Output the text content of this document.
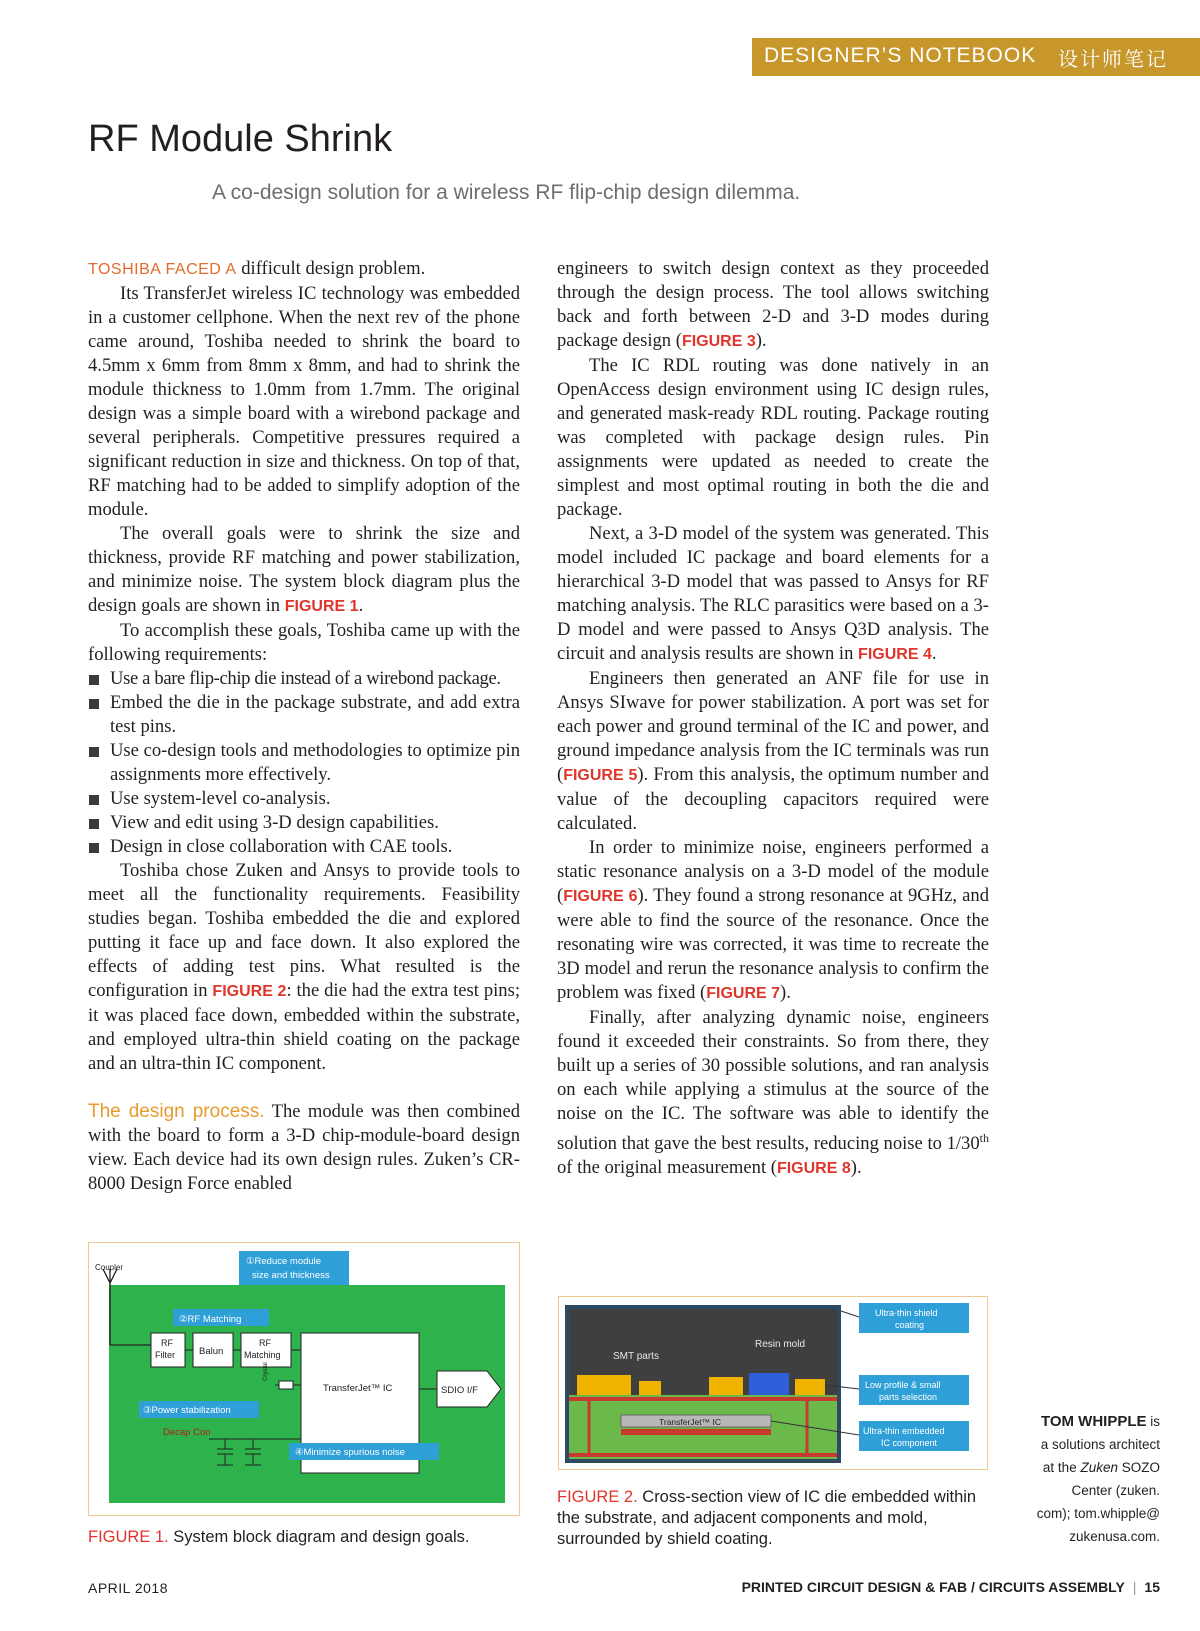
DESIGNER’S NOTEBOOK 设计师笔记
RF Module Shrink
A co-design solution for a wireless RF flip-chip design dilemma.

TOSHIBA FACED A difficult design problem.

Its TransferJet wireless IC technology was embedded in a customer cellphone. When the next rev of the phone came around, Toshiba needed to shrink the board to 4.5mm x 6mm from 8mm x 8mm, and had to shrink the module thickness to 1.0mm from 1.7mm. The original design was a simple board with a wirebond package and several peripherals. Competitive pressures required a significant reduction in size and thickness. On top of that, RF matching had to be added to simplify adoption of the module.

The overall goals were to shrink the size and thickness, provide RF matching and power stabilization, and minimize noise. The system block diagram plus the design goals are shown in FIGURE 1.

To accomplish these goals, Toshiba came up with the following requirements:

Use a bare flip-chip die instead of a wirebond package.
Embed the die in the package substrate, and add extra test pins.
Use co-design tools and methodologies to optimize pin assignments more effectively.
Use system-level co-analysis.
View and edit using 3-D design capabilities.
Design in close collaboration with CAE tools.

Toshiba chose Zuken and Ansys to provide tools to meet all the functionality requirements. Feasibility studies began. Toshiba embedded the die and explored putting it face up and face down. It also explored the effects of adding test pins. What resulted is the configuration in FIGURE 2: the die had the extra test pins; it was placed face down, embedded within the substrate, and employed ultra-thin shield coating on the package and an ultra-thin IC component.

The design process. The module was then combined with the board to form a 3-D chip-module-board design view. Each device had its own design rules. Zuken’s CR-8000 Design Force enabled

engineers to switch design context as they proceeded through the design process. The tool allows switching back and forth between 2-D and 3-D modes during package design (FIGURE 3).

The IC RDL routing was done natively in an OpenAccess design environment using IC design rules, and generated mask-ready RDL routing. Package routing was completed with package design rules. Pin assignments were updated as needed to create the simplest and most optimal routing in both the die and package.

Next, a 3-D model of the system was generated. This model included IC package and board elements for a hierarchical 3-D model that was passed to Ansys for RF matching analysis. The RLC parasitics were based on a 3-D model and were passed to Ansys Q3D analysis. The circuit and analysis results are shown in FIGURE 4.

Engineers then generated an ANF file for use in Ansys SIwave for power stabilization. A port was set for each power and ground terminal of the IC and power, and ground impedance analysis from the IC terminals was run (FIGURE 5). From this analysis, the optimum number and value of the decoupling capacitors required were calculated.

In order to minimize noise, engineers performed a static resonance analysis on a 3-D model of the module (FIGURE 6). They found a strong resonance at 9GHz, and were able to find the source of the resonance. Once the resonating wire was corrected, it was time to recreate the 3D model and rerun the resonance analysis to confirm the problem was fixed (FIGURE 7).

Finally, after analyzing dynamic noise, engineers found it exceeded their constraints. So from there, they built up a series of 30 possible solutions, and ran analysis on each while applying a stimulus at the source of the noise on the IC. The software was able to identify the solution that gave the best results, reducing noise to 1/30th of the original measurement (FIGURE 8).

Coupler
①Reduce module
size and thickness
②RF Matching
RF
Filter	Balun
RF
Matching
TransferJet™ IC
Crystal
SDIO I/F
③Power stabilization
Decap Con
④Minimize spurious noise
FIGURE 1. System block diagram and design goals.
SMT parts
Resin mold
TransferJet™ IC
Ultra-thin shield
coating
Low profile & small
parts selection
Ultra-thin embedded
IC component
FIGURE 2. Cross-section view of IC die embedded within the substrate, and adjacent components and mold, surrounded by shield coating.
TOM WHIPPLE is
a solutions architect
at the Zuken SOZO
Center (zuken.
com); tom.whipple@
zukenusa.com.
APRIL 2018	PRINTED CIRCUIT DESIGN & FAB / CIRCUITS ASSEMBLY | 15
